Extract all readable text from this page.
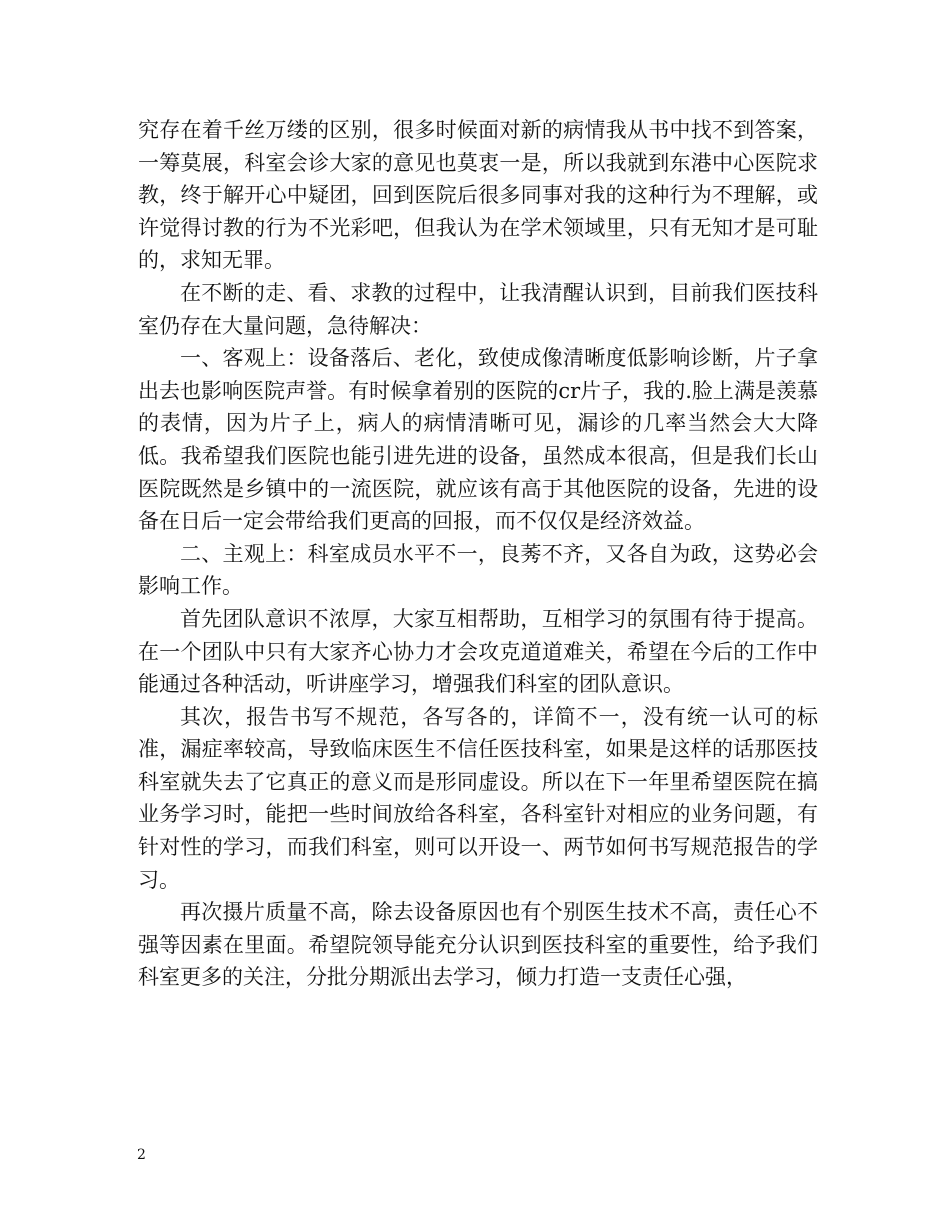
究存在着千丝万缕的区别，很多时候面对新的病情我从书中找不到答案，一筹莫展，科室会诊大家的意见也莫衷一是，所以我就到东港中心医院求教，终于解开心中疑团，回到医院后很多同事对我的这种行为不理解，或许觉得讨教的行为不光彩吧，但我认为在学术领域里，只有无知才是可耻的，求知无罪。

在不断的走、看、求教的过程中，让我清醒认识到，目前我们医技科室仍存在大量问题，急待解决：

一、客观上：设备落后、老化，致使成像清晰度低影响诊断，片子拿出去也影响医院声誉。有时候拿着别的医院的cr片子，我的.脸上满是羡慕的表情，因为片子上，病人的病情清晰可见，漏诊的几率当然会大大降低。我希望我们医院也能引进先进的设备，虽然成本很高，但是我们长山医院既然是乡镇中的一流医院，就应该有高于其他医院的设备，先进的设备在日后一定会带给我们更高的回报，而不仅仅是经济效益。

二、主观上：科室成员水平不一，良莠不齐，又各自为政，这势必会影响工作。

首先团队意识不浓厚，大家互相帮助，互相学习的氛围有待于提高。在一个团队中只有大家齐心协力才会攻克道道难关，希望在今后的工作中能通过各种活动，听讲座学习，增强我们科室的团队意识。

其次，报告书写不规范，各写各的，详简不一，没有统一认可的标准，漏症率较高，导致临床医生不信任医技科室，如果是这样的话那医技科室就失去了它真正的意义而是形同虚设。所以在下一年里希望医院在搞业务学习时，能把一些时间放给各科室，各科室针对相应的业务问题，有针对性的学习，而我们科室，则可以开设一、两节如何书写规范报告的学习。

再次摄片质量不高，除去设备原因也有个别医生技术不高，责任心不强等因素在里面。希望院领导能充分认识到医技科室的重要性，给予我们科室更多的关注，分批分期派出去学习，倾力打造一支责任心强，

2
